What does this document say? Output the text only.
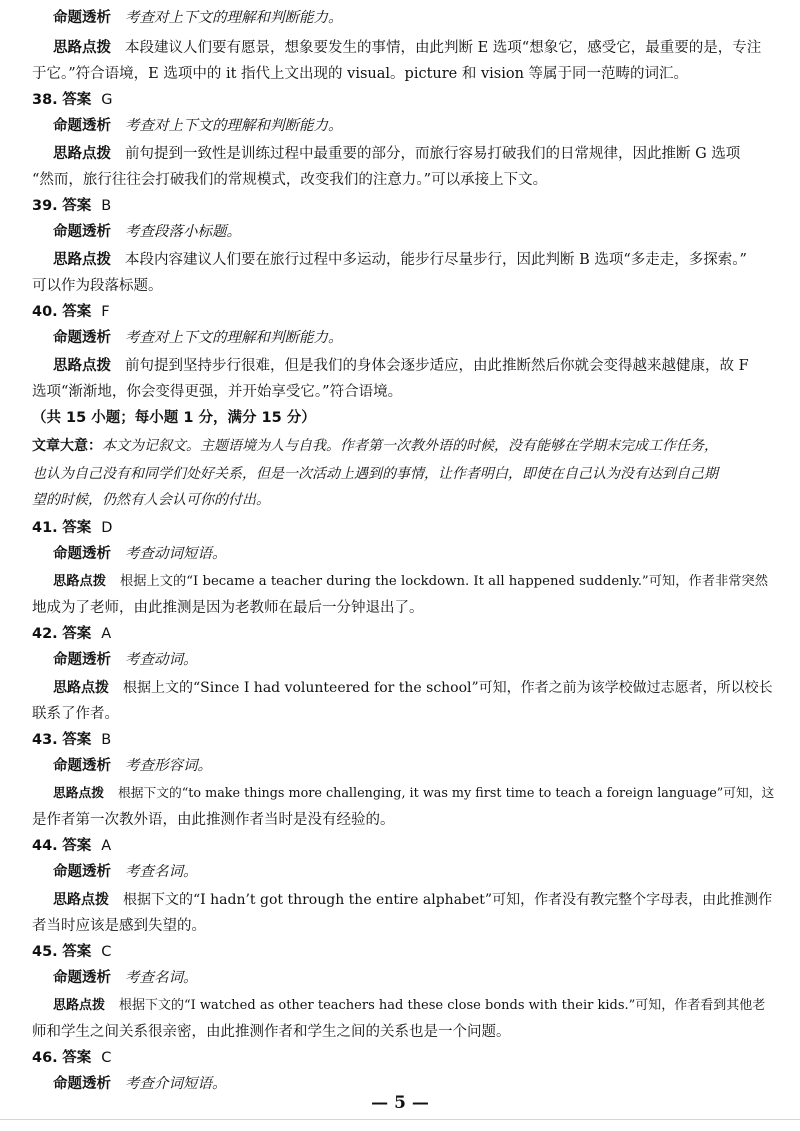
命题透析 考查对上下文的理解和判断能力。
思路点拨 本段建议人们要有愿景，想象要发生的事情，由此判断 E 选项“想象它，感受它，最重要的是，专注
于它。”符合语境，E 选项中的 it 指代上文出现的 visual。picture 和 vision 等属于同一范畴的词汇。
38. 答案 G
命题透析 考查对上下文的理解和判断能力。
思路点拨 前句提到一致性是训练过程中最重要的部分，而旅行容易打破我们的日常规律，因此推断 G 选项
“然而，旅行往往会打破我们的常规模式，改变我们的注意力。”可以承接上下文。
39. 答案 B
命题透析 考查段落小标题。
思路点拨 本段内容建议人们要在旅行过程中多运动，能步行尽量步行，因此判断 B 选项“多走走，多探索。”
可以作为段落标题。
40. 答案 F
命题透析 考查对上下文的理解和判断能力。
思路点拨 前句提到坚持步行很难，但是我们的身体会逐步适应，由此推断然后你就会变得越来越健康，故 F
选项“渐渐地，你会变得更强，并开始享受它。”符合语境。
（共 15 小题；每小题 1 分，满分 15 分）
文章大意：本文为记叙文。主题语境为人与自我。作者第一次教外语的时候，没有能够在学期末完成工作任务，
也认为自己没有和同学们处好关系，但是一次活动上遇到的事情，让作者明白，即使在自己认为没有达到自己期
望的时候，仍然有人会认可你的付出。
41. 答案 D
命题透析 考查动词短语。
思路点拨 根据上文的“I became a teacher during the lockdown. It all happened suddenly.”可知，作者非常突然
地成为了老师，由此推测是因为老教师在最后一分钟退出了。
42. 答案 A
命题透析 考查动词。
思路点拨 根据上文的“Since I had volunteered for the school”可知，作者之前为该学校做过志愿者，所以校长
联系了作者。
43. 答案 B
命题透析 考查形容词。
思路点拨 根据下文的“to make things more challenging, it was my first time to teach a foreign language”可知，这
是作者第一次教外语，由此推测作者当时是没有经验的。
44. 答案 A
命题透析 考查名词。
思路点拨 根据下文的“I hadn’t got through the entire alphabet”可知，作者没有教完整个字母表，由此推测作
者当时应该是感到失望的。
45. 答案 C
命题透析 考查名词。
思路点拨 根据下文的“I watched as other teachers had these close bonds with their kids.”可知，作者看到其他老
师和学生之间关系很亲密，由此推测作者和学生之间的关系也是一个问题。
46. 答案 C
命题透析 考查介词短语。
— 5 —
